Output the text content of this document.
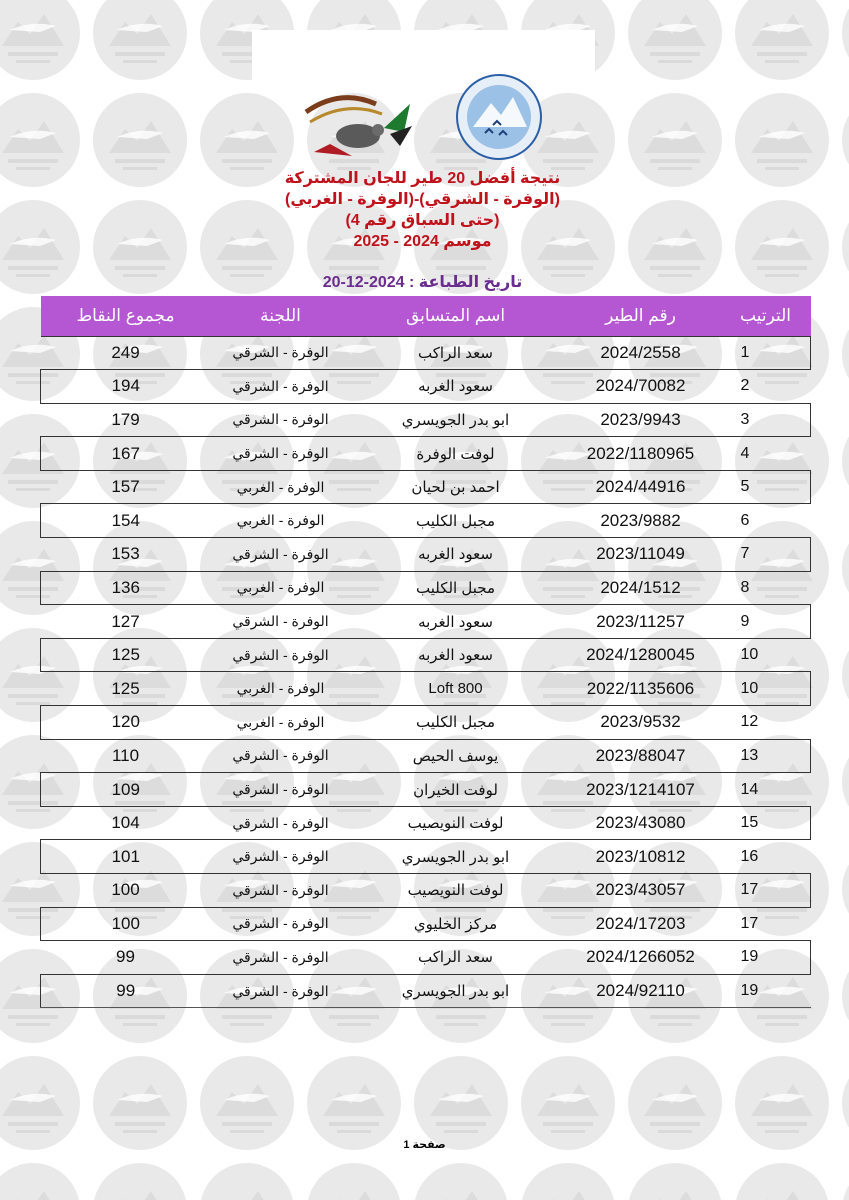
نتيجة أفضل 20 طير للجان المشتركة
(الوفرة - الشرقي)-(الوفرة - الغربي)
(حتى السباق رقم 4)
موسم 2024 - 2025
تاريخ الطباعة : 2024-12-20
مجموع النقاط	اللجنة	اسم المتسابق	رقم الطير	الترتيب
249	الوفرة - الشرقي	سعد الراكب	2024/2558	1
194	الوفرة - الشرقي	سعود الغربه	2024/70082	2
179	الوفرة - الشرقي	ابو بدر الجويسري	2023/9943	3
167	الوفرة - الشرقي	لوفت الوفرة	2022/1180965	4
157	الوفرة - الغربي	احمد بن لحيان	2024/44916	5
154	الوفرة - الغربي	مجبل الكليب	2023/9882	6
153	الوفرة - الشرقي	سعود الغربه	2023/11049	7
136	الوفرة - الغربي	مجبل الكليب	2024/1512	8
127	الوفرة - الشرقي	سعود الغربه	2023/11257	9
125	الوفرة - الشرقي	سعود الغربه	2024/1280045	10
125	الوفرة - الغربي	Loft 800	2022/1135606	10
120	الوفرة - الغربي	مجبل الكليب	2023/9532	12
110	الوفرة - الشرقي	يوسف الحيص	2023/88047	13
109	الوفرة - الشرقي	لوفت الخيران	2023/1214107	14
104	الوفرة - الشرقي	لوفت النويصيب	2023/43080	15
101	الوفرة - الشرقي	ابو بدر الجويسري	2023/10812	16
100	الوفرة - الشرقي	لوفت النويصيب	2023/43057	17
100	الوفرة - الشرقي	مركز الخليوي	2024/17203	17
99	الوفرة - الشرقي	سعد الراكب	2024/1266052	19
99	الوفرة - الشرقي	ابو بدر الجويسري	2024/92110	19
صفحة 1
